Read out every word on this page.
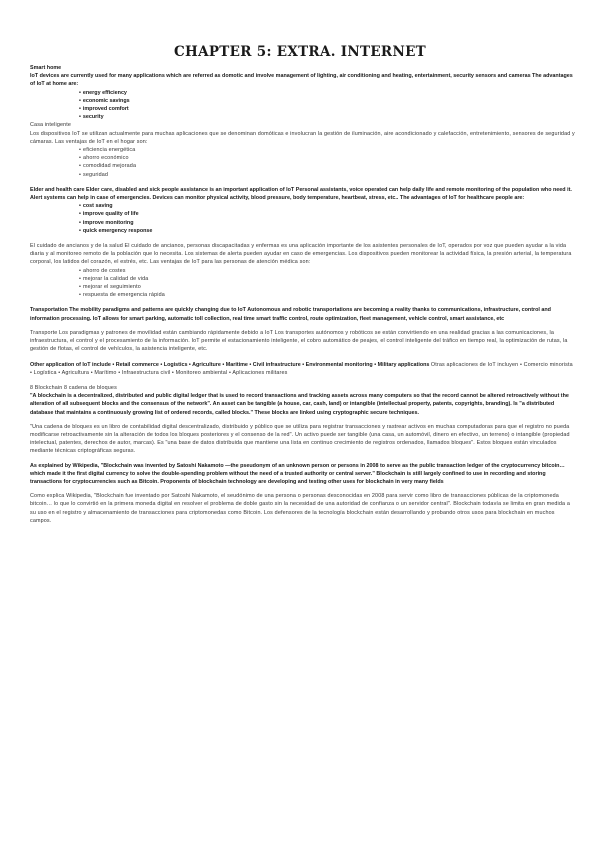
CHAPTER 5: EXTRA. INTERNET

Smart home

IoT devices are currently used for many applications which are referred as domotic and involve management of lighting, air conditioning and heating, entertainment, security sensors and cameras The advantages of IoT at home are:

• energy efficiency
• economic savings
• improved comfort
• security

Casa inteligente

Los dispositivos IoT se utilizan actualmente para muchas aplicaciones que se denominan domóticas e involucran la gestión de iluminación, aire acondicionado y calefacción, entretenimiento, sensores de seguridad y cámaras. Las ventajas de IoT en el hogar son:

• eficiencia energética
• ahorro económico
• comodidad mejorada
• seguridad

Elder and health care Elder care, disabled and sick people assistance is an important application of IoT Personal assistants, voice operated can help daily life and remote monitoring of the population who need it. Alert systems can help in case of emergencies. Devices can monitor physical activity, blood pressure, body temperature, heartbeat, stress, etc.. The advantages of IoT for healthcare people are:

• cost saving
• improve quality of life
• improve monitoring
• quick emergency response

El cuidado de ancianos y de la salud El cuidado de ancianos, personas discapacitadas y enfermas es una aplicación importante de los asistentes personales de IoT, operados por voz que pueden ayudar a la vida diaria y al monitoreo remoto de la población que lo necesita. Los sistemas de alerta pueden ayudar en caso de emergencias. Los dispositivos pueden monitorear la actividad física, la presión arterial, la temperatura corporal, los latidos del corazón, el estrés, etc. Las ventajas de IoT para las personas de atención médica son:

• ahorro de costes
• mejorar la calidad de vida
• mejorar el seguimiento
• respuesta de emergencia rápida

Transportation The mobility paradigms and patterns are quickly changing due to IoT Autonomous and robotic transportations are becoming a reality thanks to communications, infrastructure, control and information processing. IoT allows for smart parking, automatic toll collection, real time smart traffic control, route optimization, fleet management, vehicle control, smart assistance, etc

Transporte Los paradigmas y patrones de movilidad están cambiando rápidamente debido a IoT Los transportes autónomos y robóticos se están convirtiendo en una realidad gracias a las comunicaciones, la infraestructura, el control y el procesamiento de la información. IoT permite el estacionamiento inteligente, el cobro automático de peajes, el control inteligente del tráfico en tiempo real, la optimización de rutas, la gestión de flotas, el control de vehículos, la asistencia inteligente, etc.

Other application of IoT include • Retail commerce • Logistics • Agriculture • Maritime • Civil infrastructure • Environmental monitoring • Military applications Otras aplicaciones de IoT incluyen • Comercio minorista • Logística • Agricultura • Marítimo • Infraestructura civil • Monitoreo ambiental • Aplicaciones militares

8 Blockchain 8 cadena de bloques

"A blockchain is a decentralized, distributed and public digital ledger that is used to record transactions and tracking assets across many computers so that the record cannot be altered retroactively without the alteration of all subsequent blocks and the consensus of the network". An asset can be tangible (a house, car, cash, land) or intangible (intellectual property, patents, copyrights, branding). Is "a distributed database that maintains a continuously growing list of ordered records, called blocks." These blocks are linked using cryptographic secure techniques.

"Una cadena de bloques es un libro de contabilidad digital descentralizado, distribuido y público que se utiliza para registrar transacciones y rastrear activos en muchas computadoras para que el registro no pueda modificarse retroactivamente sin la alteración de todos los bloques posteriores y el consenso de la red". Un activo puede ser tangible (una casa, un automóvil, dinero en efectivo, un terreno) o intangible (propiedad intelectual, patentes, derechos de autor, marcas). Es "una base de datos distribuida que mantiene una lista en continuo crecimiento de registros ordenados, llamados bloques". Estos bloques están vinculados mediante técnicas criptográficas seguras.

As explained by Wikipedia, "Blockchain was invented by Satoshi Nakamoto —the pseudonym of an unknown person or persons in 2008 to serve as the public transaction ledger of the cryptocurrency bitcoin… which made it the first digital currency to solve the double-spending problem without the need of a trusted authority or central server." Blockchain is still largely confined to use in recording and storing transactions for cryptocurrencies such as Bitcoin. Proponents of blockchain technology are developing and testing other uses for blockchain in very many fields

Como explica Wikipedia, "Blockchain fue inventado por Satoshi Nakamoto, el seudónimo de una persona o personas desconocidas en 2008 para servir como libro de transacciones públicas de la criptomoneda bitcoin… lo que lo convirtió en la primera moneda digital en resolver el problema de doble gasto sin la necesidad de una autoridad de confianza o un servidor central". Blockchain todavía se limita en gran medida a su uso en el registro y almacenamiento de transacciones para criptomonedas como Bitcoin. Los defensores de la tecnología blockchain están desarrollando y probando otros usos para blockchain en muchos campos.
